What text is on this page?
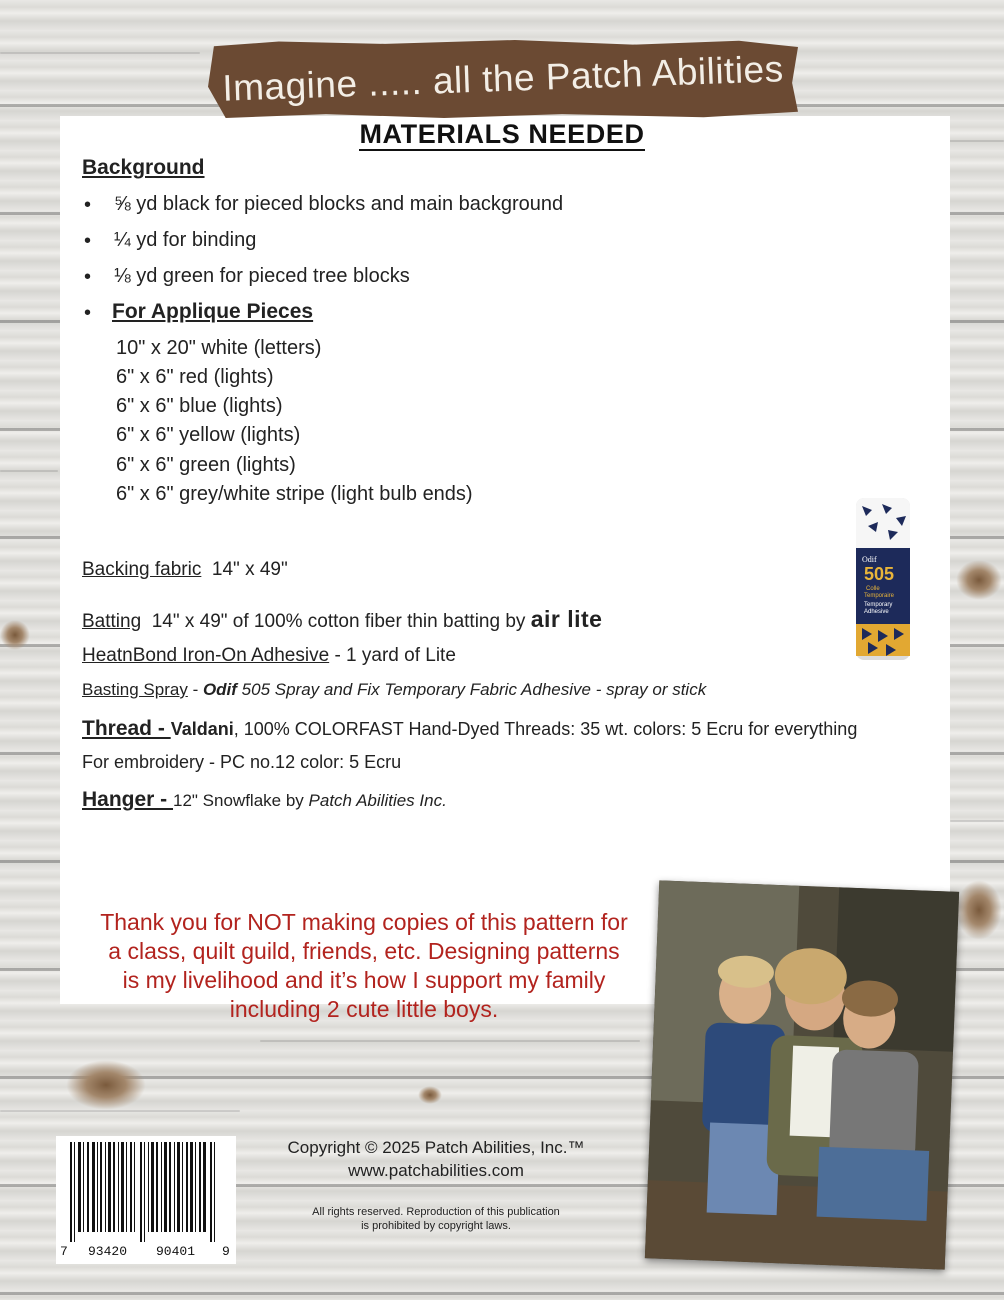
Imagine ..... all the Patch Abilities
MATERIALS NEEDED
Background
• ⅝ yd black for pieced blocks and main background
• ¼ yd for binding
• ⅛ yd green for pieced tree blocks
• For Applique Pieces
10" x 20" white (letters)
6" x 6" red (lights)
6" x 6" blue (lights)
6" x 6" yellow (lights)
6" x 6" green (lights)
6" x 6" grey/white stripe (light bulb ends)
Backing fabric 14" x 49"
Batting 14" x 49" of 100% cotton fiber thin batting by air lite
HeatnBond Iron-On Adhesive - 1 yard of Lite
Basting Spray - Odif 505 Spray and Fix Temporary Fabric Adhesive - spray or stick
Thread - Valdani, 100% COLORFAST Hand-Dyed Threads: 35 wt. colors: 5 Ecru for everything
For embroidery - PC no.12 color: 5 Ecru
Hanger - 12" Snowflake by Patch Abilities Inc.
Odif
505
Colle
Temporaire
Temporary
Adhesive
Thank you for NOT making copies of this pattern for
a class, quilt guild, friends, etc. Designing patterns
is my livelihood and it’s how I support my family
including 2 cute little boys.
7 93420 90401 9
Copyright © 2025 Patch Abilities, Inc.™
www.patchabilities.com
All rights reserved. Reproduction of this publication
is prohibited by copyright laws.
